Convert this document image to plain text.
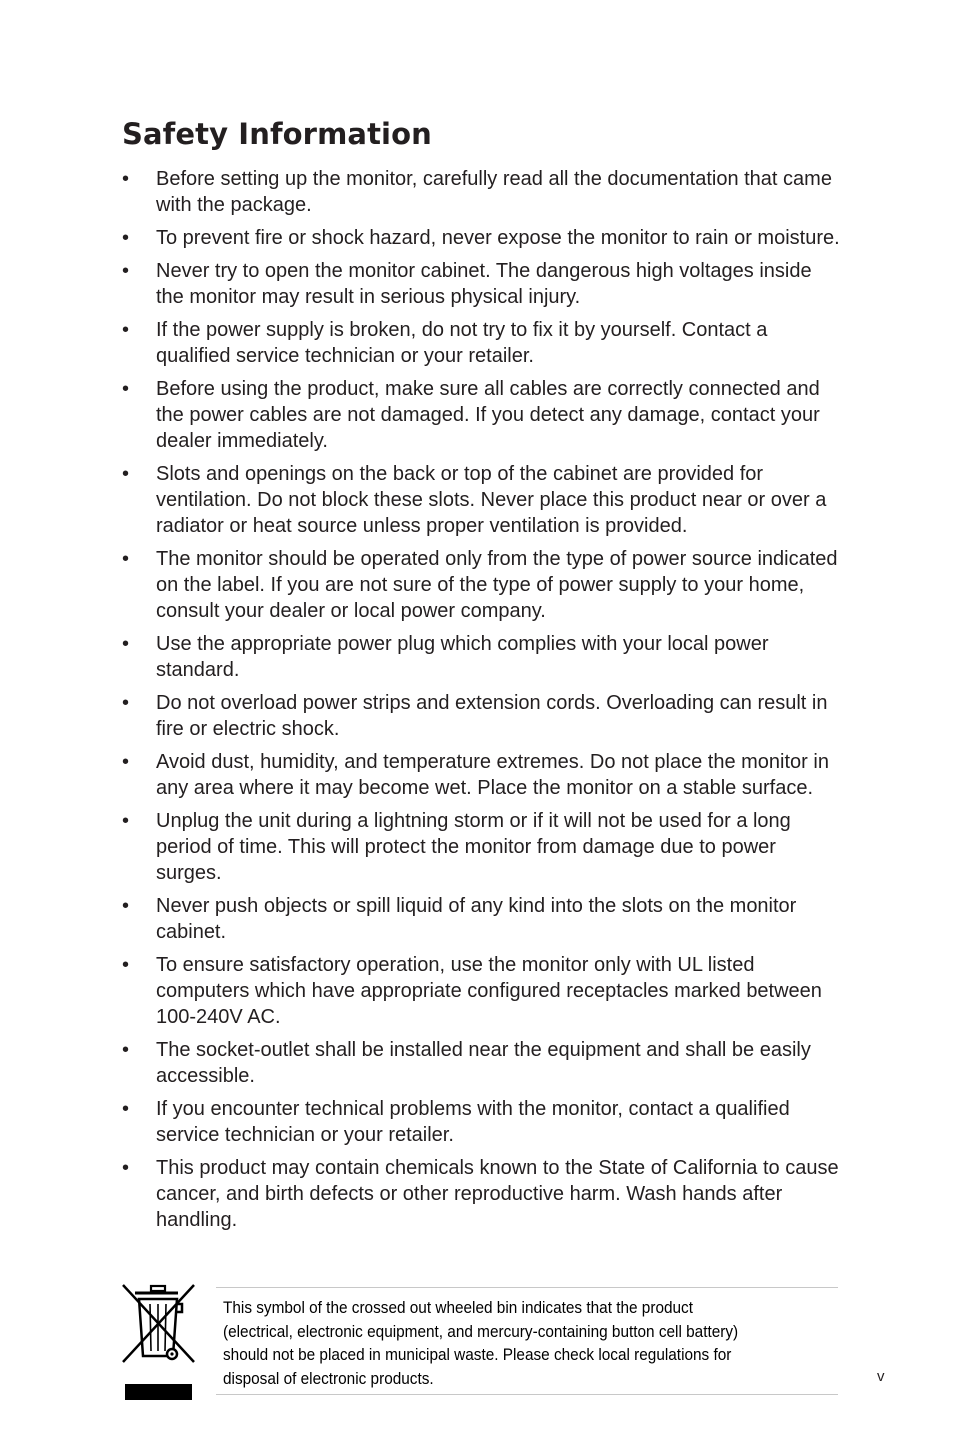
Safety Information
• Before setting up the monitor, carefully read all the documentation that came with the package.
• To prevent fire or shock hazard, never expose the monitor to rain or moisture.
• Never try to open the monitor cabinet. The dangerous high voltages inside the monitor may result in serious physical injury.
• If the power supply is broken, do not try to fix it by yourself. Contact a qualified service technician or your retailer.
• Before using the product, make sure all cables are correctly connected and the power cables are not damaged. If you detect any damage, contact your dealer immediately.
• Slots and openings on the back or top of the cabinet are provided for ventilation. Do not block these slots. Never place this product near or over a radiator or heat source unless proper ventilation is provided.
• The monitor should be operated only from the type of power source indicated on the label. If you are not sure of the type of power supply to your home, consult your dealer or local power company.
• Use the appropriate power plug which complies with your local power standard.
• Do not overload power strips and extension cords. Overloading can result in fire or electric shock.
• Avoid dust, humidity, and temperature extremes. Do not place the monitor in any area where it may become wet. Place the monitor on a stable surface.
• Unplug the unit during a lightning storm or if it will not be used for a long period of time. This will protect the monitor from damage due to power surges.
• Never push objects or spill liquid of any kind into the slots on the monitor cabinet.
• To ensure satisfactory operation, use the monitor only with UL listed computers which have appropriate configured receptacles marked between 100-240V AC.
• The socket-outlet shall be installed near the equipment and shall be easily accessible.
• If you encounter technical problems with the monitor, contact a qualified service technician or your retailer.
• This product may contain chemicals known to the State of California to cause cancer, and birth defects or other reproductive harm. Wash hands after handling.

This symbol of the crossed out wheeled bin indicates that the product
(electrical, electronic equipment, and mercury-containing button cell battery)
should not be placed in municipal waste. Please check local regulations for
disposal of electronic products.	v
